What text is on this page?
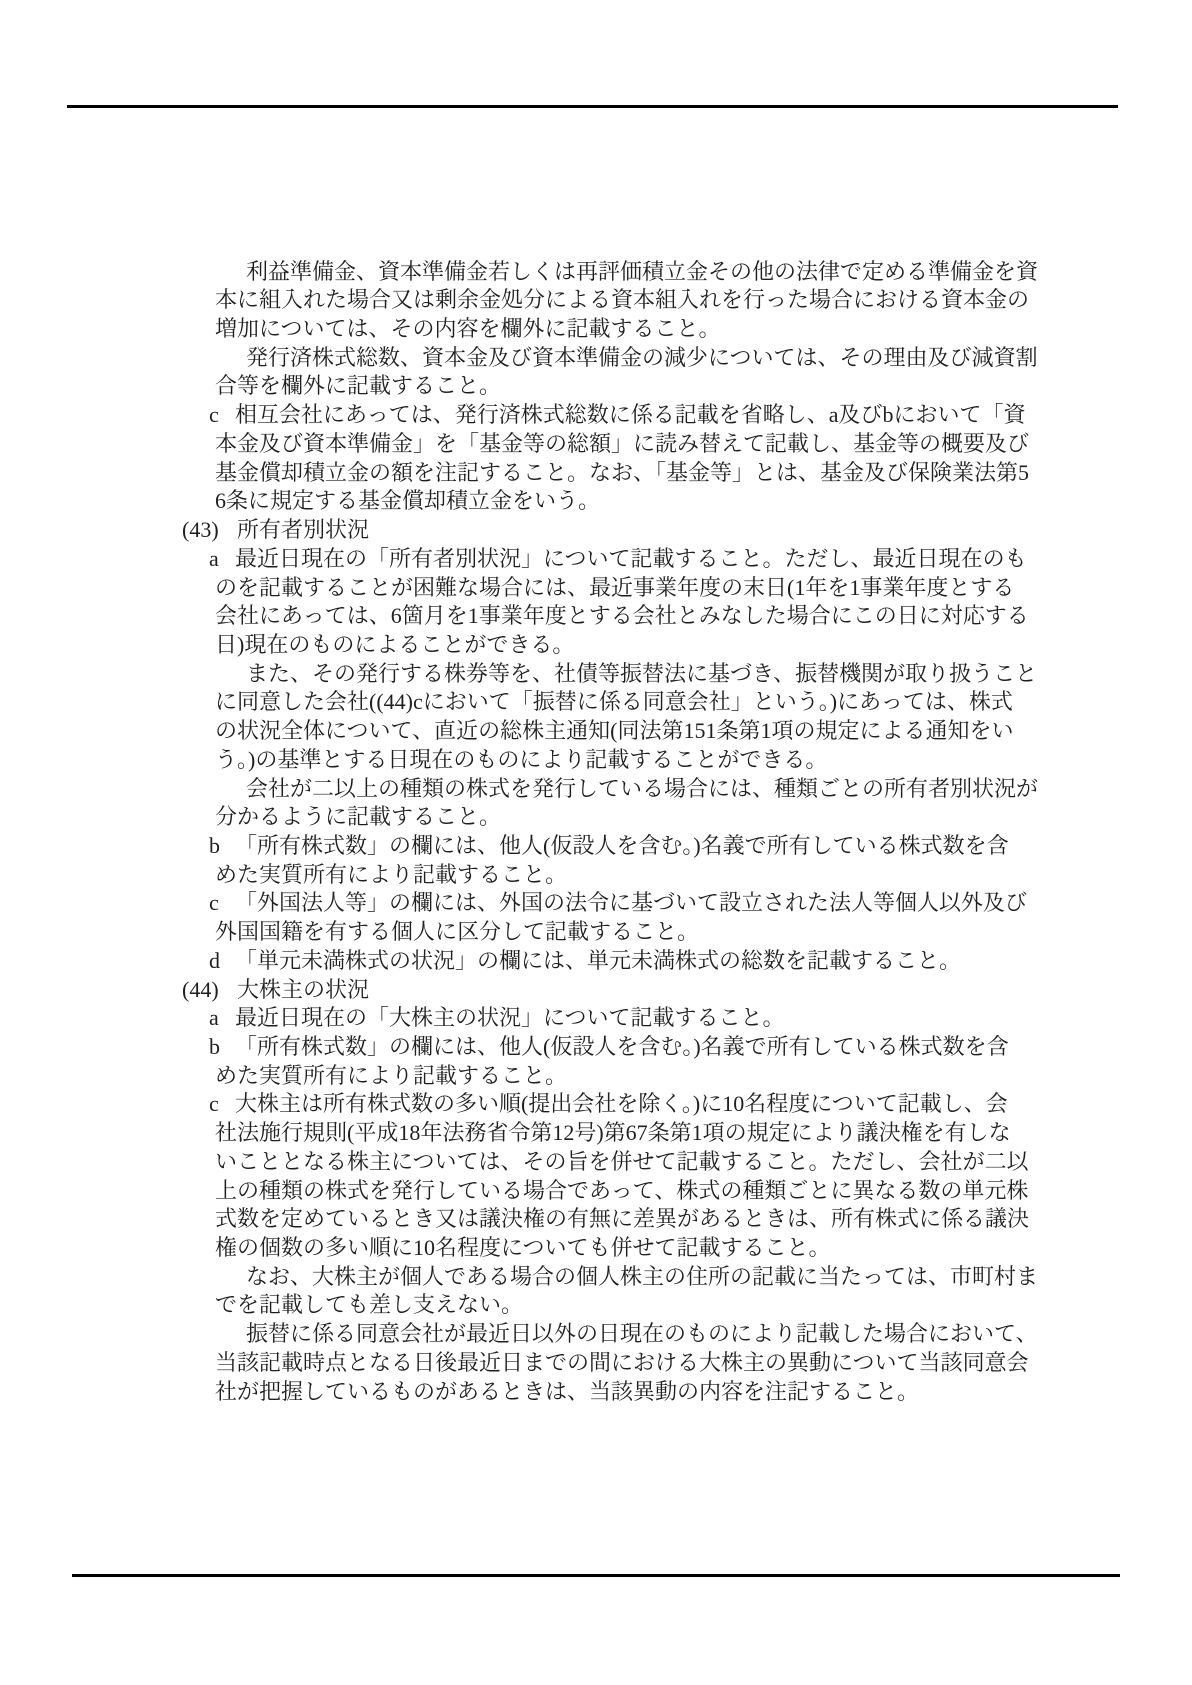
利益準備金、資本準備金若しくは再評価積立金その他の法律で定める準備金を資
本に組入れた場合又は剰余金処分による資本組入れを行った場合における資本金の
増加については、その内容を欄外に記載すること。
発行済株式総数、資本金及び資本準備金の減少については、その理由及び減資割
合等を欄外に記載すること。
c 相互会社にあっては、発行済株式総数に係る記載を省略し、a及びbにおいて「資
本金及び資本準備金」を「基金等の総額」に読み替えて記載し、基金等の概要及び
基金償却積立金の額を注記すること。なお、「基金等」とは、基金及び保険業法第5
6条に規定する基金償却積立金をいう。
(43) 所有者別状況
a 最近日現在の「所有者別状況」について記載すること。ただし、最近日現在のも
のを記載することが困難な場合には、最近事業年度の末日(1年を1事業年度とする
会社にあっては、6箇月を1事業年度とする会社とみなした場合にこの日に対応する
日)現在のものによることができる。
また、その発行する株券等を、社債等振替法に基づき、振替機関が取り扱うこと
に同意した会社((44)cにおいて「振替に係る同意会社」という。)にあっては、株式
の状況全体について、直近の総株主通知(同法第151条第1項の規定による通知をい
う。)の基準とする日現在のものにより記載することができる。
会社が二以上の種類の株式を発行している場合には、種類ごとの所有者別状況が
分かるように記載すること。
b 「所有株式数」の欄には、他人(仮設人を含む。)名義で所有している株式数を含
めた実質所有により記載すること。
c 「外国法人等」の欄には、外国の法令に基づいて設立された法人等個人以外及び
外国国籍を有する個人に区分して記載すること。
d 「単元未満株式の状況」の欄には、単元未満株式の総数を記載すること。
(44) 大株主の状況
a 最近日現在の「大株主の状況」について記載すること。
b 「所有株式数」の欄には、他人(仮設人を含む。)名義で所有している株式数を含
めた実質所有により記載すること。
c 大株主は所有株式数の多い順(提出会社を除く。)に10名程度について記載し、会
社法施行規則(平成18年法務省令第12号)第67条第1項の規定により議決権を有しな
いこととなる株主については、その旨を併せて記載すること。ただし、会社が二以
上の種類の株式を発行している場合であって、株式の種類ごとに異なる数の単元株
式数を定めているとき又は議決権の有無に差異があるときは、所有株式に係る議決
権の個数の多い順に10名程度についても併せて記載すること。
なお、大株主が個人である場合の個人株主の住所の記載に当たっては、市町村ま
でを記載しても差し支えない。
振替に係る同意会社が最近日以外の日現在のものにより記載した場合において、
当該記載時点となる日後最近日までの間における大株主の異動について当該同意会
社が把握しているものがあるときは、当該異動の内容を注記すること。
